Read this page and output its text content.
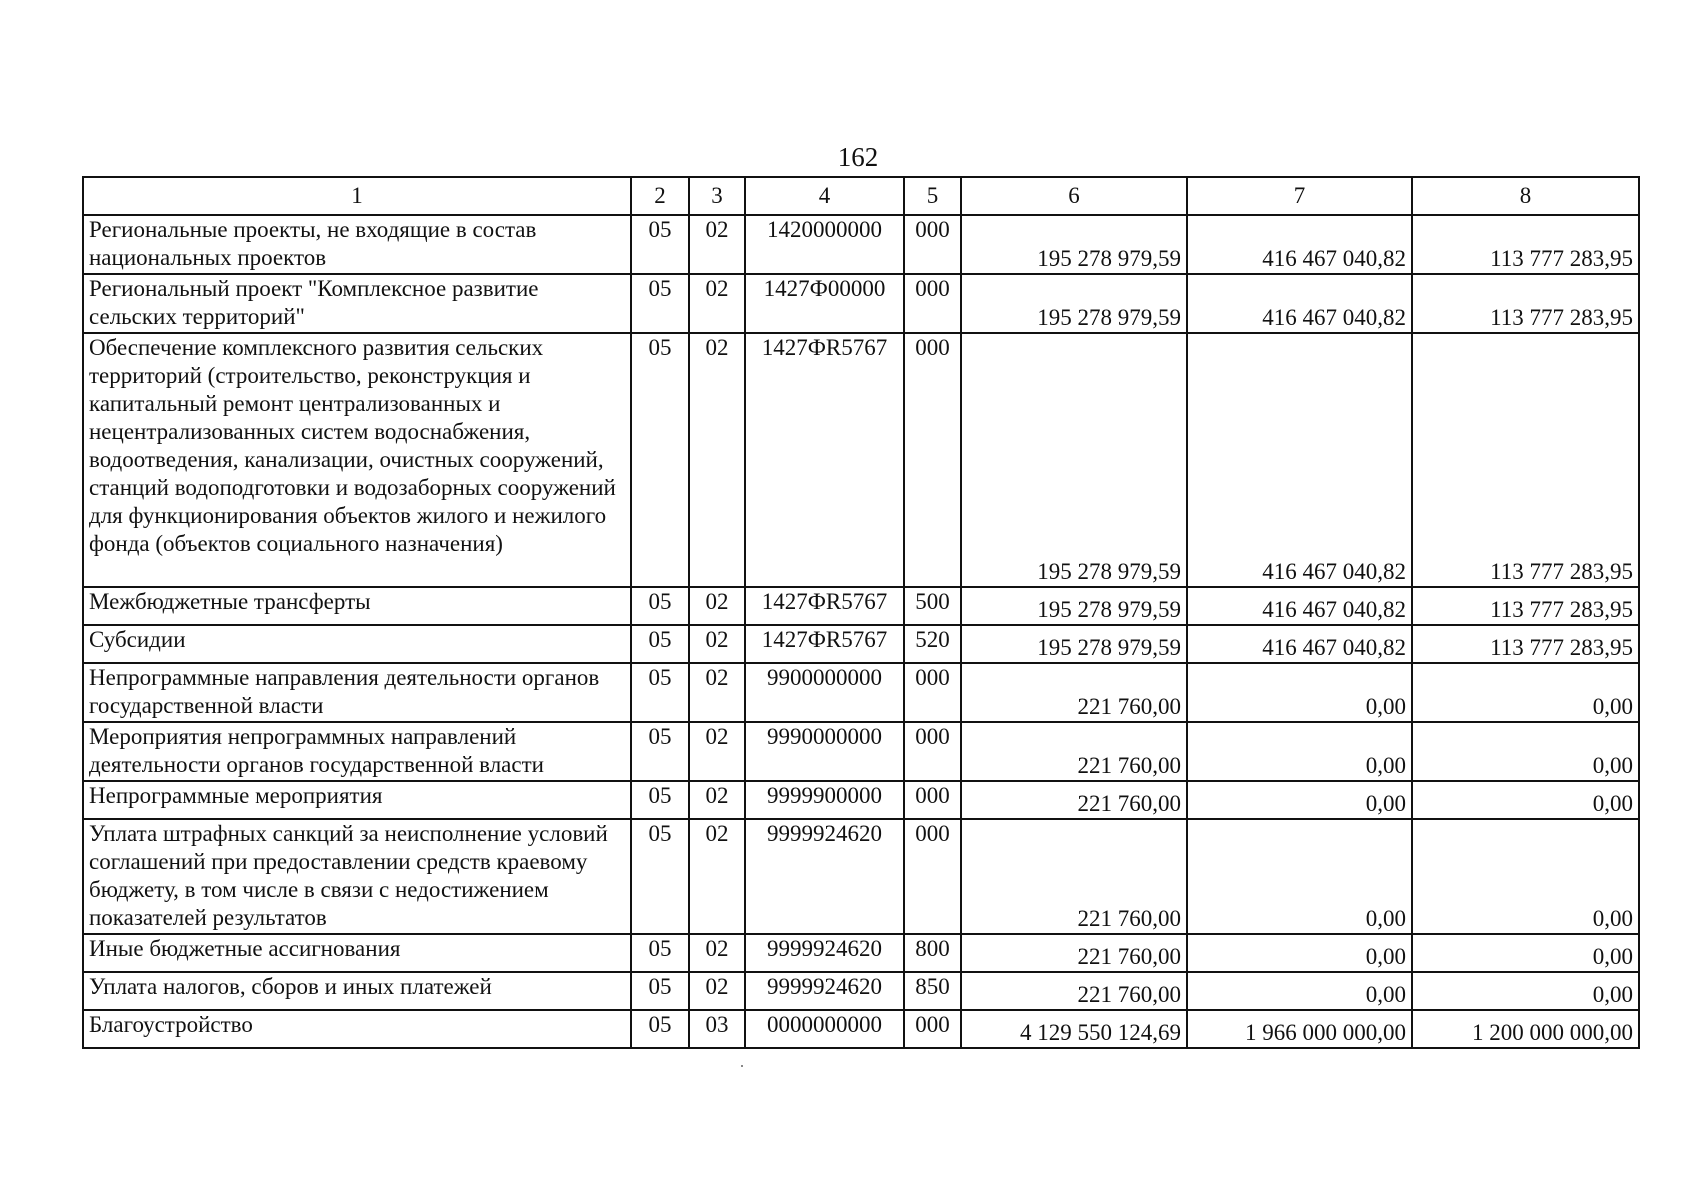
162
1	2	3	4	5	6	7	8
Региональные проекты, не входящие в состав национальных проектов	05	02	1420000000	000	195 278 979,59	416 467 040,82	113 777 283,95
Региональный проект "Комплексное развитие сельских территорий"	05	02	1427Ф00000	000	195 278 979,59	416 467 040,82	113 777 283,95
Обеспечение комплексного развития сельских территорий (строительство, реконструкция и капитальный ремонт централизованных и нецентрализованных систем водоснабжения, водоотведения, канализации, очистных сооружений, станций водоподготовки и водозаборных сооружений для функционирования объектов жилого и нежилого фонда (объектов социального назначения)	05	02	1427ФR5767	000	195 278 979,59	416 467 040,82	113 777 283,95
Межбюджетные трансферты	05	02	1427ФR5767	500	195 278 979,59	416 467 040,82	113 777 283,95
Субсидии	05	02	1427ФR5767	520	195 278 979,59	416 467 040,82	113 777 283,95
Непрограммные направления деятельности органов государственной власти	05	02	9900000000	000	221 760,00	0,00	0,00
Мероприятия непрограммных направлений деятельности органов государственной власти	05	02	9990000000	000	221 760,00	0,00	0,00
Непрограммные мероприятия	05	02	9999900000	000	221 760,00	0,00	0,00
Уплата штрафных санкций за неисполнение условий соглашений при предоставлении средств краевому бюджету, в том числе в связи с недостижением показателей результатов	05	02	9999924620	000	221 760,00	0,00	0,00
Иные бюджетные ассигнования	05	02	9999924620	800	221 760,00	0,00	0,00
Уплата налогов, сборов и иных платежей	05	02	9999924620	850	221 760,00	0,00	0,00
Благоустройство	05	03	0000000000	000	4 129 550 124,69	1 966 000 000,00	1 200 000 000,00
